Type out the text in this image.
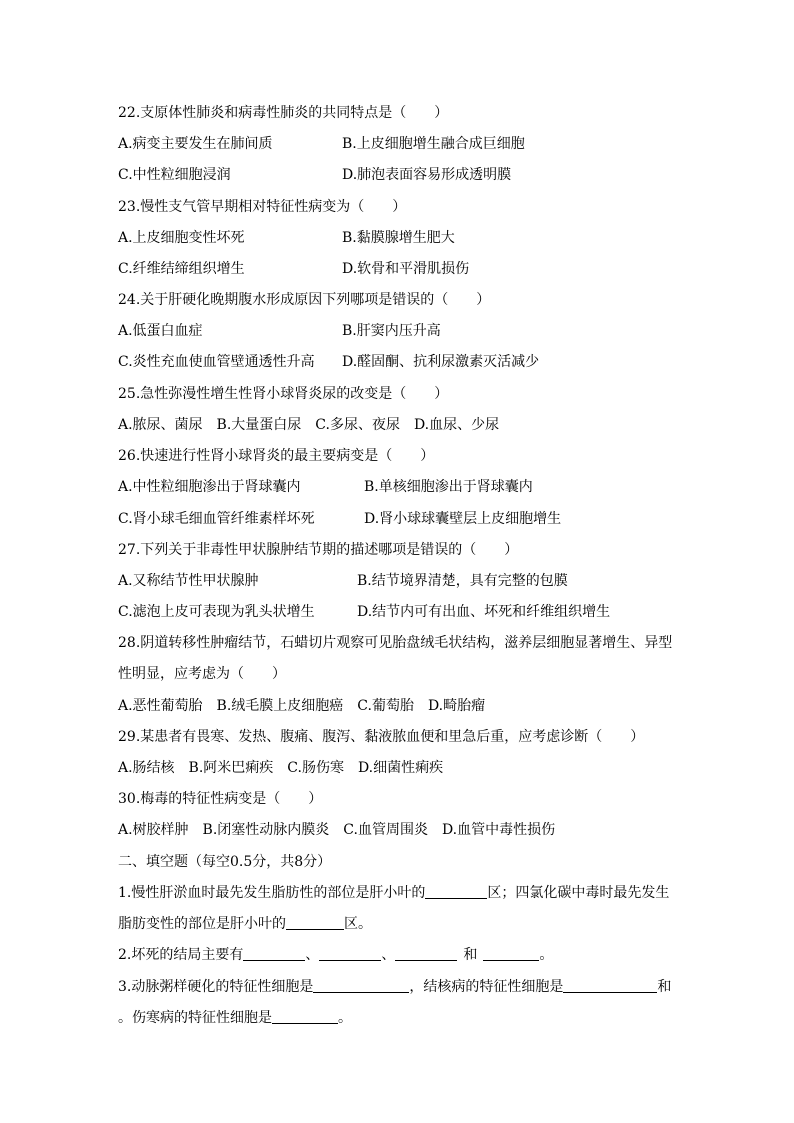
22.支原体性肺炎和病毒性肺炎的共同特点是（　　）
A.病变主要发生在肺间质	B.上皮细胞增生融合成巨细胞
C.中性粒细胞浸润	D.肺泡表面容易形成透明膜
23.慢性支气管早期相对特征性病变为（　　）
A.上皮细胞变性坏死	B.黏膜腺增生肥大
C.纤维结缔组织增生	D.软骨和平滑肌损伤
24.关于肝硬化晚期腹水形成原因下列哪项是错误的（　　）
A.低蛋白血症	B.肝窦内压升高
C.炎性充血使血管壁通透性升高 D.醛固酮、抗利尿激素灭活减少
25.急性弥漫性增生性肾小球肾炎尿的改变是（　　）
A.脓尿、菌尿　B.大量蛋白尿　C.多尿、夜尿　D.血尿、少尿
26.快速进行性肾小球肾炎的最主要病变是（　　）
A.中性粒细胞渗出于肾球囊内	B.单核细胞渗出于肾球囊内
C.肾小球毛细血管纤维素样坏死	D.肾小球球囊壁层上皮细胞增生
27.下列关于非毒性甲状腺肿结节期的描述哪项是错误的（　　）
A.又称结节性甲状腺肿	B.结节境界清楚，具有完整的包膜
C.滤泡上皮可表现为乳头状增生	D.结节内可有出血、坏死和纤维组织增生
28.阴道转移性肿瘤结节，石蜡切片观察可见胎盘绒毛状结构，滋养层细胞显著增生、异型
性明显，应考虑为（　　）
A.恶性葡萄胎　B.绒毛膜上皮细胞癌　C.葡萄胎　D.畸胎瘤
29.某患者有畏寒、发热、腹痛、腹泻、黏液脓血便和里急后重，应考虑诊断（　　）
A.肠结核　B.阿米巴痢疾　C.肠伤寒　D.细菌性痢疾
30.梅毒的特征性病变是（　　）
A.树胶样肿　B.闭塞性动脉内膜炎　C.血管周围炎　D.血管中毒性损伤
二、填空题（每空0.5分，共8分）
1.慢性肝淤血时最先发生脂肪性的部位是肝小叶的	区；四氯化碳中毒时最先发生
脂肪变性的部位是肝小叶的	区。
2.坏死的结局主要有	、	、	和	。
3.动脉粥样硬化的特征性细胞是	，结核病的特征性细胞是	和
。伤寒病的特征性细胞是	。
